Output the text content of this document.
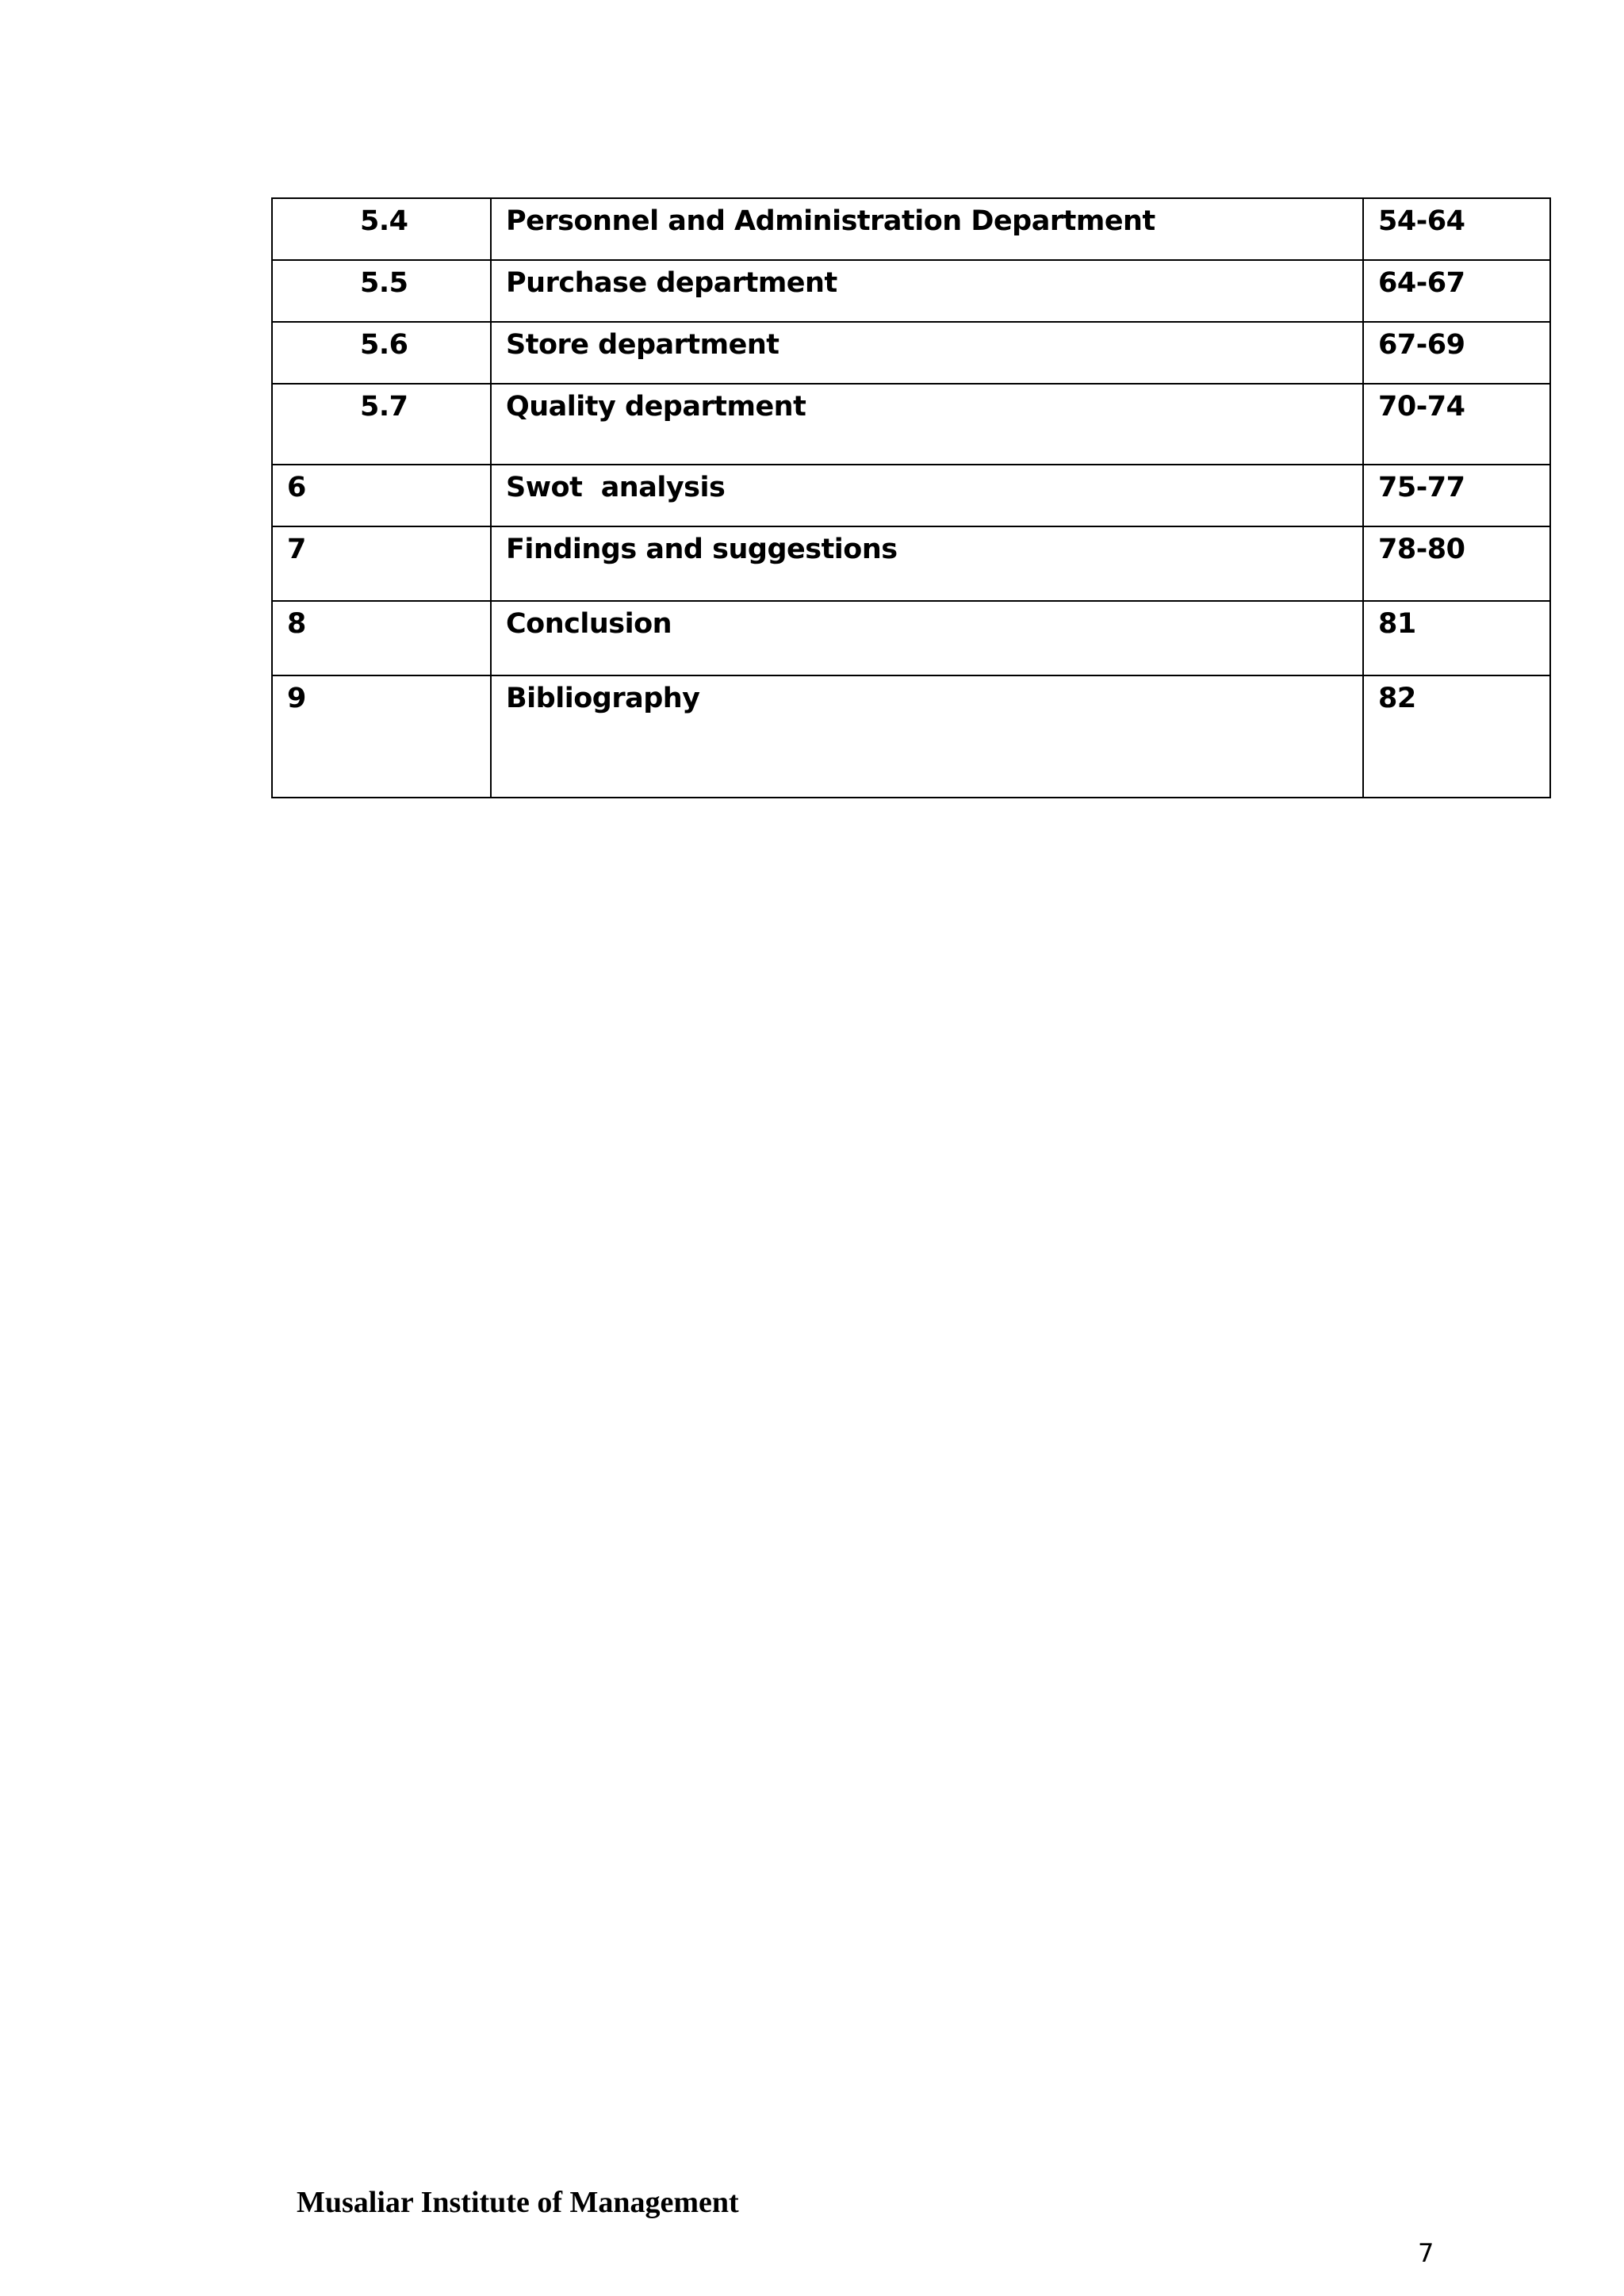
5.4	Personnel and Administration Department	54-64

5.5	Purchase department	64-67

5.6	Store department	67-69

5.7	Quality department	70-74

6	Swot  analysis	75-77

7	Findings and suggestions	78-80

8	Conclusion	81

9	Bibliography	82
Musaliar Institute of Management
7
